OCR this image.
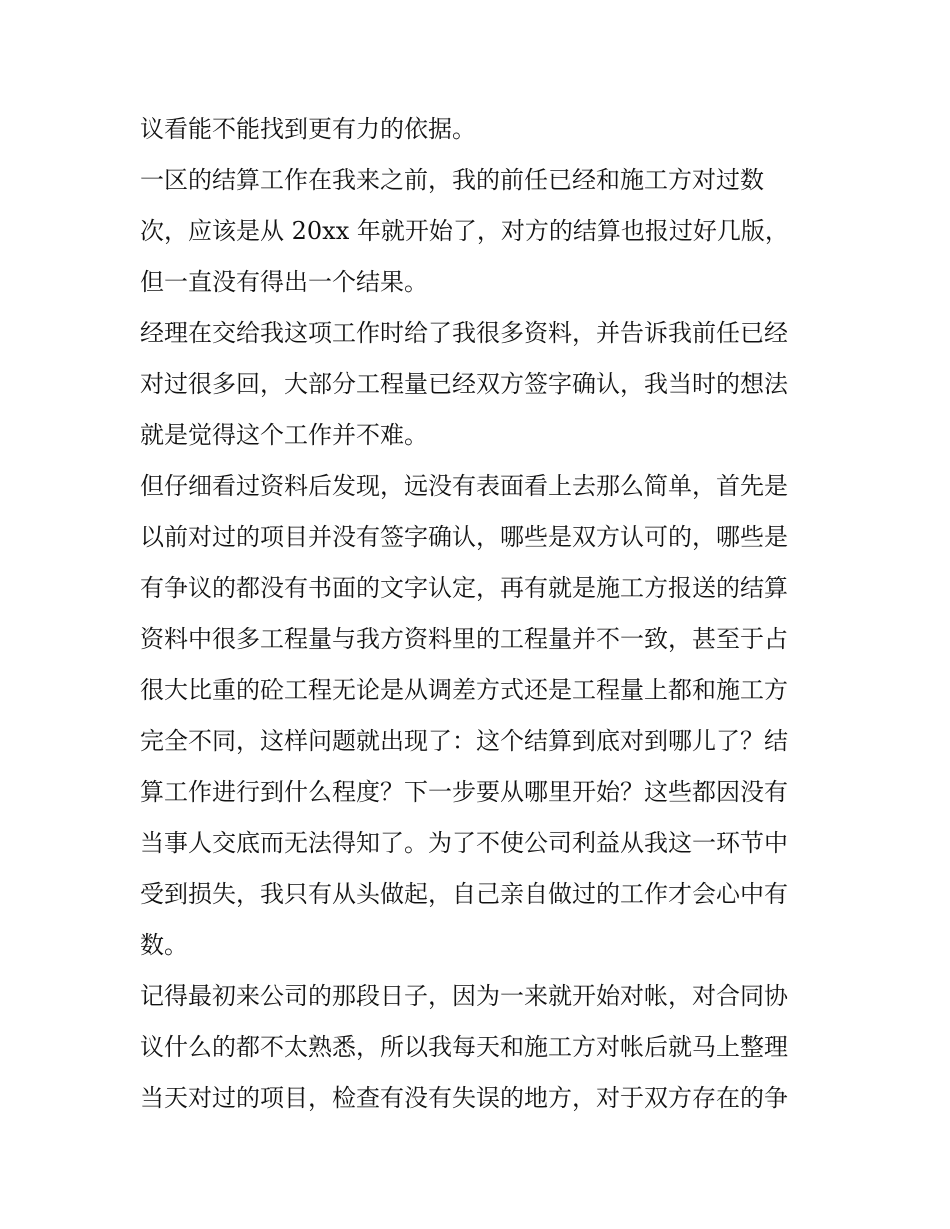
议看能不能找到更有力的依据。
一区的结算工作在我来之前，我的前任已经和施工方对过数
次，应该是从 20xx 年就开始了，对方的结算也报过好几版，
但一直没有得出一个结果。
经理在交给我这项工作时给了我很多资料，并告诉我前任已经
对过很多回，大部分工程量已经双方签字确认，我当时的想法
就是觉得这个工作并不难。
但仔细看过资料后发现，远没有表面看上去那么简单，首先是
以前对过的项目并没有签字确认，哪些是双方认可的，哪些是
有争议的都没有书面的文字认定，再有就是施工方报送的结算
资料中很多工程量与我方资料里的工程量并不一致，甚至于占
很大比重的砼工程无论是从调差方式还是工程量上都和施工方
完全不同，这样问题就出现了：这个结算到底对到哪儿了？结
算工作进行到什么程度？下一步要从哪里开始？这些都因没有
当事人交底而无法得知了。为了不使公司利益从我这一环节中
受到损失，我只有从头做起，自己亲自做过的工作才会心中有
数。
记得最初来公司的那段日子，因为一来就开始对帐，对合同协
议什么的都不太熟悉，所以我每天和施工方对帐后就马上整理
当天对过的项目，检查有没有失误的地方，对于双方存在的争
